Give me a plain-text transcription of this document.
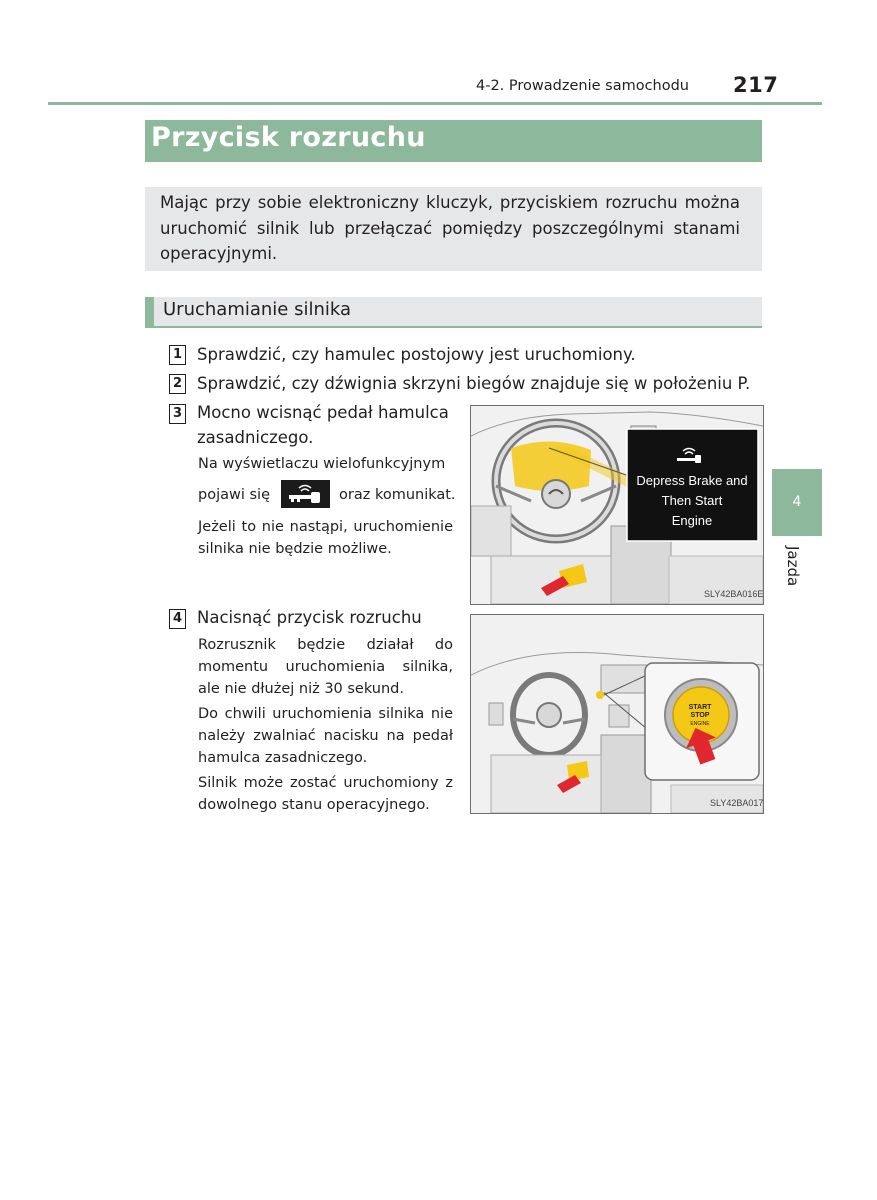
4-2. Prowadzenie samochodu 217
Przycisk rozruchu
Mając przy sobie elektroniczny kluczyk, przyciskiem rozruchu można uruchomić silnik lub przełączać pomiędzy poszczególnymi stanami operacyjnymi.
Uruchamianie silnika
1 Sprawdzić, czy hamulec postojowy jest uruchomiony.
2 Sprawdzić, czy dźwignia skrzyni biegów znajduje się w położeniu P.
3 Mocno wcisnąć pedał hamulca
zasadniczego.
Na wyświetlaczu wielofunkcyjnym
pojawi się	oraz komunikat.
Jeżeli to nie nastąpi, uruchomienie silnika nie będzie możliwe.
Depress Brake and
Then Start
Engine
SLY42BA016E
4 Nacisnąć przycisk rozruchu
Rozrusznik będzie działał do momentu uruchomienia silnika, ale nie dłużej niż 30 sekund.
Do chwili uruchomienia silnika nie należy zwalniać nacisku na pedał hamulca zasadniczego.
Silnik może zostać uruchomiony z dowolnego stanu operacyjnego.
START
STOP
ENGINE
SLY42BA017
4
Jazda
